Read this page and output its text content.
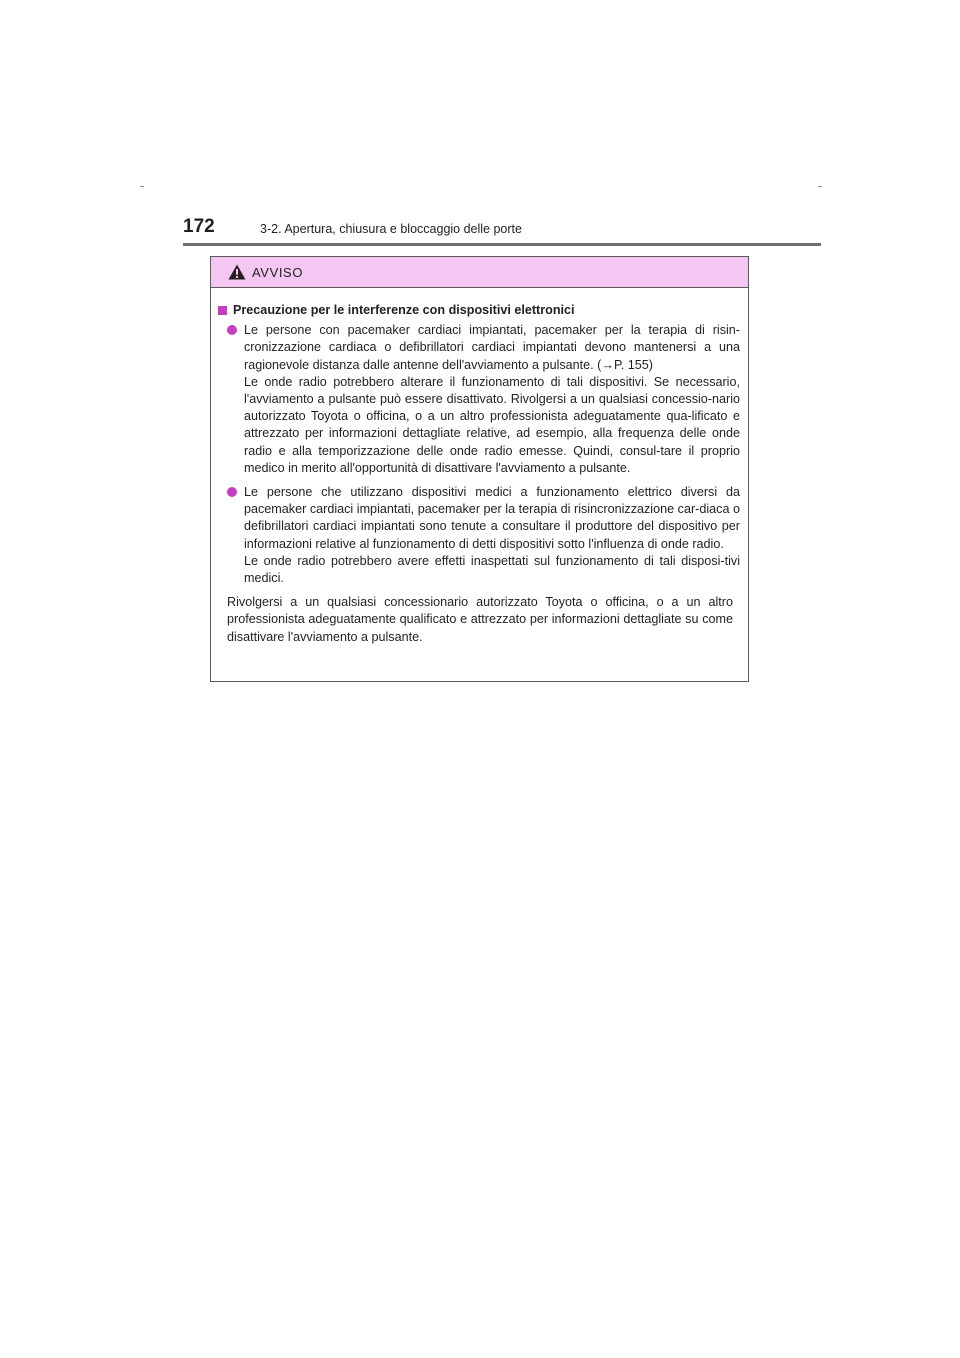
172	3-2. Apertura, chiusura e bloccaggio delle porte
AVVISO
Precauzione per le interferenze con dispositivi elettronici

Le persone con pacemaker cardiaci impiantati, pacemaker per la terapia di risin-cronizzazione cardiaca o defibrillatori cardiaci impiantati devono mantenersi a una ragionevole distanza dalle antenne dell'avviamento a pulsante. (→P. 155)

Le onde radio potrebbero alterare il funzionamento di tali dispositivi. Se necessario, l'avviamento a pulsante può essere disattivato. Rivolgersi a un qualsiasi concessio-nario autorizzato Toyota o officina, o a un altro professionista adeguatamente qua-lificato e attrezzato per informazioni dettagliate relative, ad esempio, alla frequenza delle onde radio e alla temporizzazione delle onde radio emesse. Quindi, consul-tare il proprio medico in merito all'opportunità di disattivare l'avviamento a pulsante.

Le persone che utilizzano dispositivi medici a funzionamento elettrico diversi da pacemaker cardiaci impiantati, pacemaker per la terapia di risincronizzazione car-diaca o defibrillatori cardiaci impiantati sono tenute a consultare il produttore del dispositivo per informazioni relative al funzionamento di detti dispositivi sotto l'influenza di onde radio.

Le onde radio potrebbero avere effetti inaspettati sul funzionamento di tali disposi-tivi medici.

Rivolgersi a un qualsiasi concessionario autorizzato Toyota o officina, o a un altro professionista adeguatamente qualificato e attrezzato per informazioni dettagliate su come disattivare l'avviamento a pulsante.
